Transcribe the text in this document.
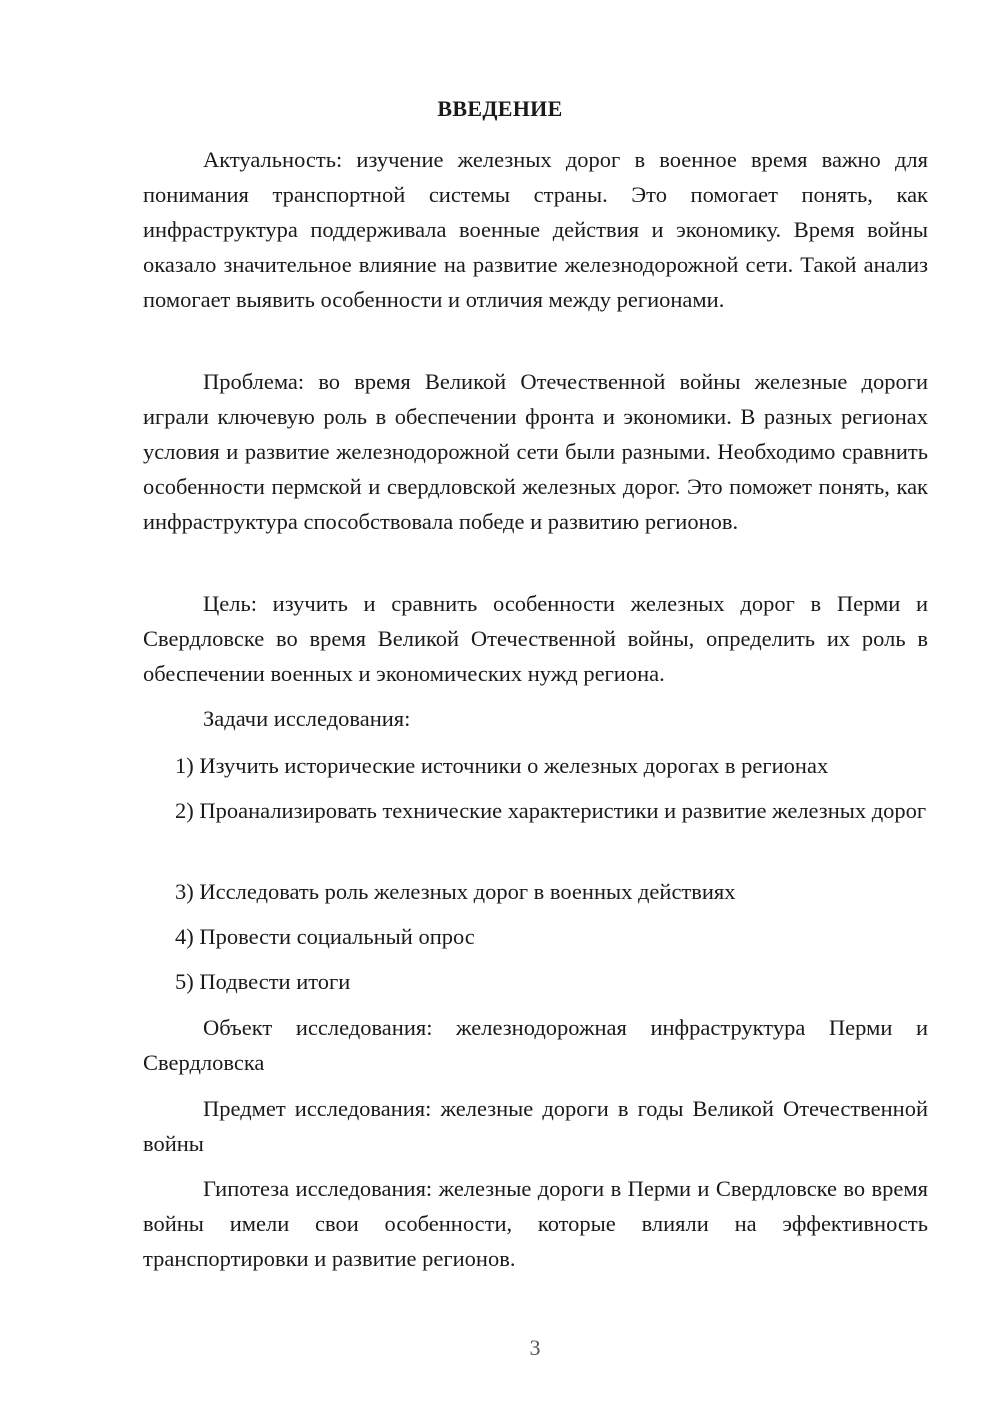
ВВЕДЕНИЕ

Актуальность: изучение железных дорог в военное время важно для понимания транспортной системы страны. Это помогает понять, как инфраструктура поддерживала военные действия и экономику. Время войны оказало значительное влияние на развитие железнодорожной сети. Такой анализ помогает выявить особенности и отличия между регионами.

Проблема: во время Великой Отечественной войны железные дороги играли ключевую роль в обеспечении фронта и экономики. В разных регионах условия и развитие железнодорожной сети были разными. Необходимо сравнить особенности пермской и свердловской железных дорог. Это поможет понять, как инфраструктура способствовала победе и развитию регионов.

Цель: изучить и сравнить особенности железных дорог в Перми и Свердловске во время Великой Отечественной войны, определить их роль в обеспечении военных и экономических нужд региона.

Задачи исследования:

1) Изучить исторические источники о железных дорогах в регионах

2) Проанализировать технические характеристики и развитие железных дорог

3) Исследовать роль железных дорог в военных действиях

4) Провести социальный опрос

5) Подвести итоги

Объект исследования: железнодорожная инфраструктура Перми и Свердловска

Предмет исследования: железные дороги в годы Великой Отечественной войны

Гипотеза исследования: железные дороги в Перми и Свердловске во время войны имели свои особенности, которые влияли на эффективность транспортировки и развитие регионов.

3
